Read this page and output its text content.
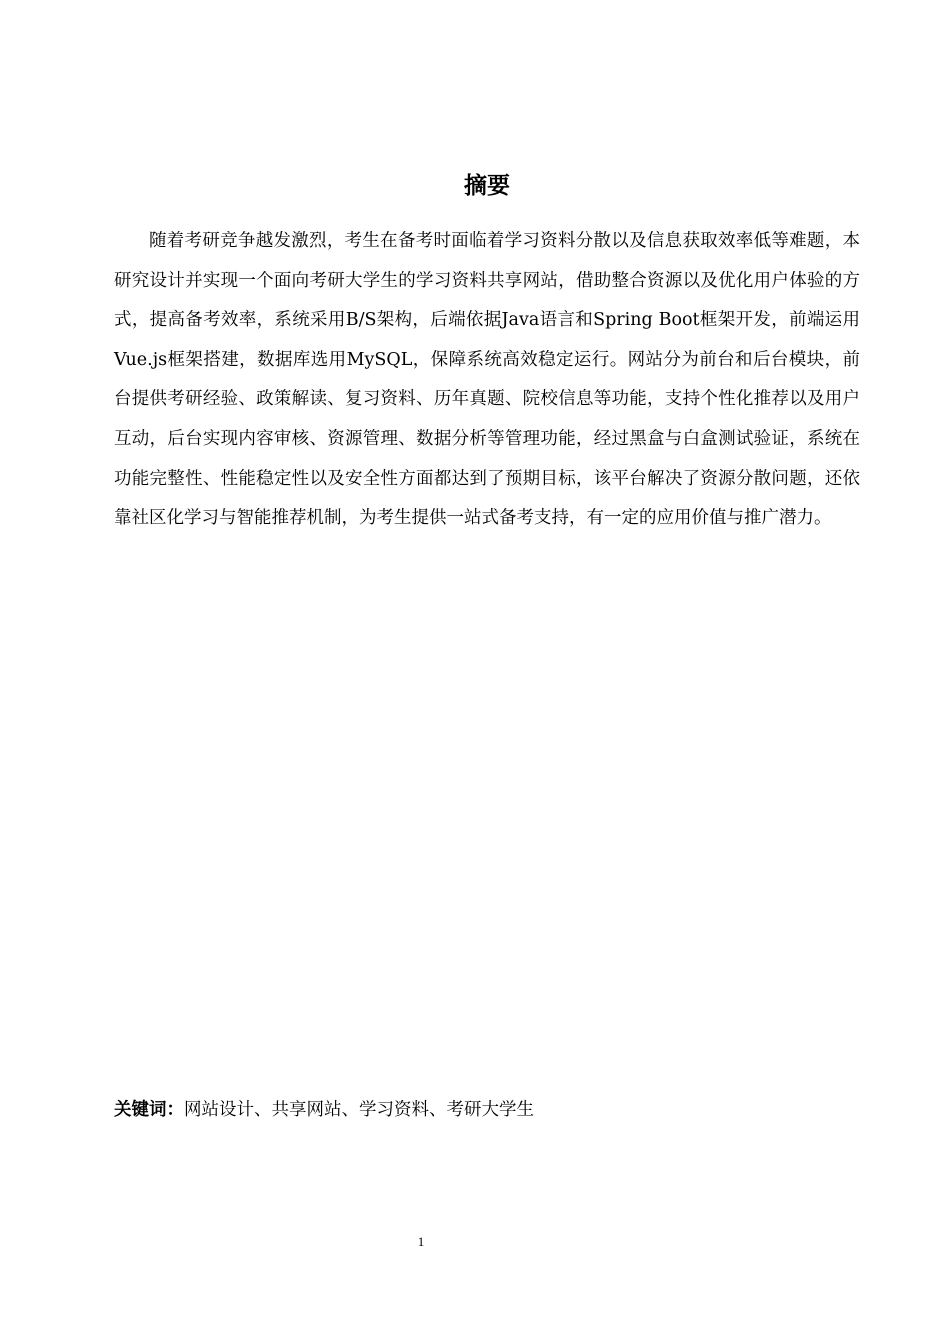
摘要

随着考研竞争越发激烈，考生在备考时面临着学习资料分散以及信息获取效率低等难题，本研究设计并实现一个面向考研大学生的学习资料共享网站，借助整合资源以及优化用户体验的方式，提高备考效率，系统采用B/S架构，后端依据Java语言和Spring Boot框架开发，前端运用Vue.js框架搭建，数据库选用MySQL，保障系统高效稳定运行。网站分为前台和后台模块，前台提供考研经验、政策解读、复习资料、历年真题、院校信息等功能，支持个性化推荐以及用户互动，后台实现内容审核、资源管理、数据分析等管理功能，经过黑盒与白盒测试验证，系统在功能完整性、性能稳定性以及安全性方面都达到了预期目标，该平台解决了资源分散问题，还依靠社区化学习与智能推荐机制，为考生提供一站式备考支持，有一定的应用价值与推广潜力。

关键词：网站设计、共享网站、学习资料、考研大学生

1
